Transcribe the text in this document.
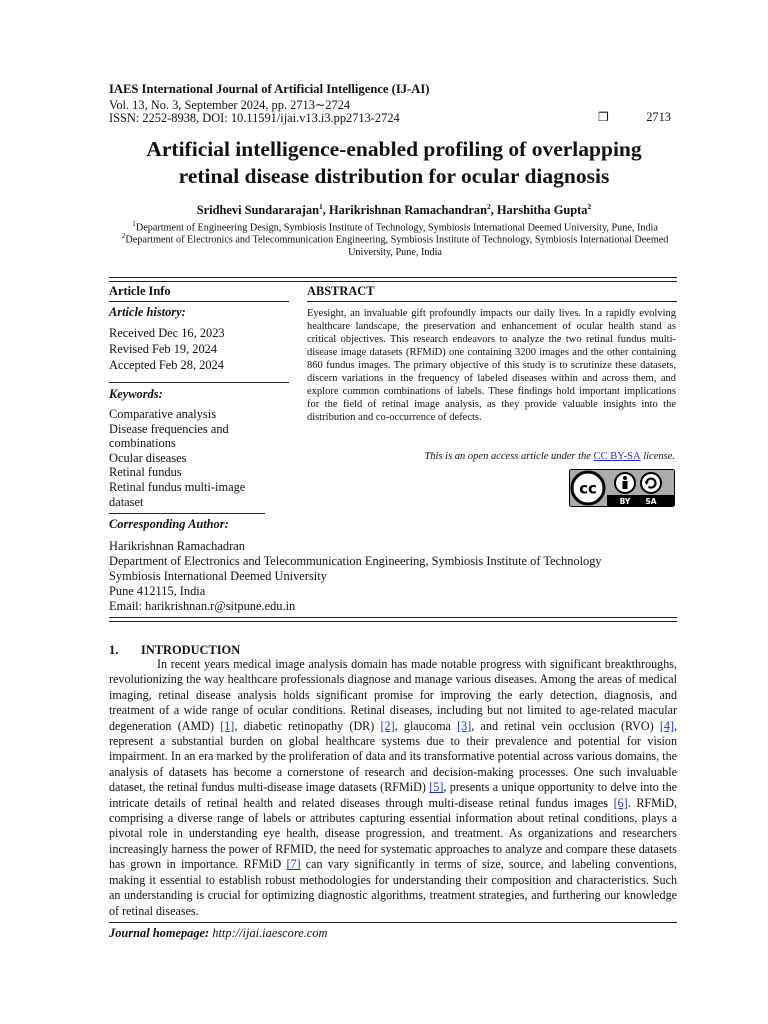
IAES International Journal of Artificial Intelligence (IJ-AI)
Vol. 13, No. 3, September 2024, pp. 2713∼2724
ISSN: 2252-8938, DOI: 10.11591/ijai.v13.i3.pp2713-2724	❒	2713
Artificial intelligence-enabled profiling of overlapping
retinal disease distribution for ocular diagnosis
Sridhevi Sundararajan$^1$, Harikrishnan Ramachandran$^2$, Harshitha Gupta$^2$
$^1$Department of Engineering Design, Symbiosis Institute of Technology, Symbiosis International Deemed University, Pune, India
$^2$Department of Electronics and Telecommunication Engineering, Symbiosis Institute of Technology, Symbiosis International Deemed
University, Pune, India
Article Info
Article history:
Received Dec 16, 2023
Revised Feb 19, 2024
Accepted Feb 28, 2024
Keywords:
Comparative analysis
Disease frequencies and
combinations
Ocular diseases
Retinal fundus
Retinal fundus multi-image
dataset
Corresponding Author:
ABSTRACT
Eyesight, an invaluable gift profoundly impacts our daily lives. In a rapidly evolving healthcare landscape, the preservation and enhancement of ocular health stand as critical objectives. This research endeavors to analyze the two retinal fundus multi-disease image datasets (RFMiD) one containing 3200 images and the other containing 860 fundus images. The primary objective of this study is to scrutinize these datasets, discern variations in the frequency of labeled diseases within and across them, and explore common combinations of labels. These findings hold important implications for the field of retinal image analysis, as they provide valuable insights into the distribution and co-occurrence of defects.
This is an open access article under the CC BY-SA license.
cc
BY SA
Harikrishnan Ramachadran
Department of Electronics and Telecommunication Engineering, Symbiosis Institute of Technology
Symbiosis International Deemed University
Pune 412115, India
Email: harikrishnan.r@sitpune.edu.in
1. INTRODUCTION
In recent years medical image analysis domain has made notable progress with significant breakthroughs, revolutionizing the way healthcare professionals diagnose and manage various diseases. Among the areas of medical imaging, retinal disease analysis holds significant promise for improving the early detection, diagnosis, and treatment of a wide range of ocular conditions. Retinal diseases, including but not limited to age-related macular degeneration (AMD) [1], diabetic retinopathy (DR) [2], glaucoma [3], and retinal vein occlusion (RVO) [4], represent a substantial burden on global healthcare systems due to their prevalence and potential for vision impairment. In an era marked by the proliferation of data and its transformative potential across various domains, the analysis of datasets has become a cornerstone of research and decision-making processes. One such invaluable dataset, the retinal fundus multi-disease image datasets (RFMiD) [5], presents a unique opportunity to delve into the intricate details of retinal health and related diseases through multi-disease retinal fundus images [6]. RFMiD, comprising a diverse range of labels or attributes capturing essential information about retinal conditions, plays a pivotal role in understanding eye health, disease progression, and treatment. As organizations and researchers increasingly harness the power of RFMID, the need for systematic approaches to analyze and compare these datasets has grown in importance. RFMiD [7] can vary significantly in terms of size, source, and labeling conventions, making it essential to establish robust methodologies for understanding their composition and characteristics. Such an understanding is crucial for optimizing diagnostic algorithms, treatment strategies, and furthering our knowledge of retinal diseases.
Journal homepage: http://ijai.iaescore.com
